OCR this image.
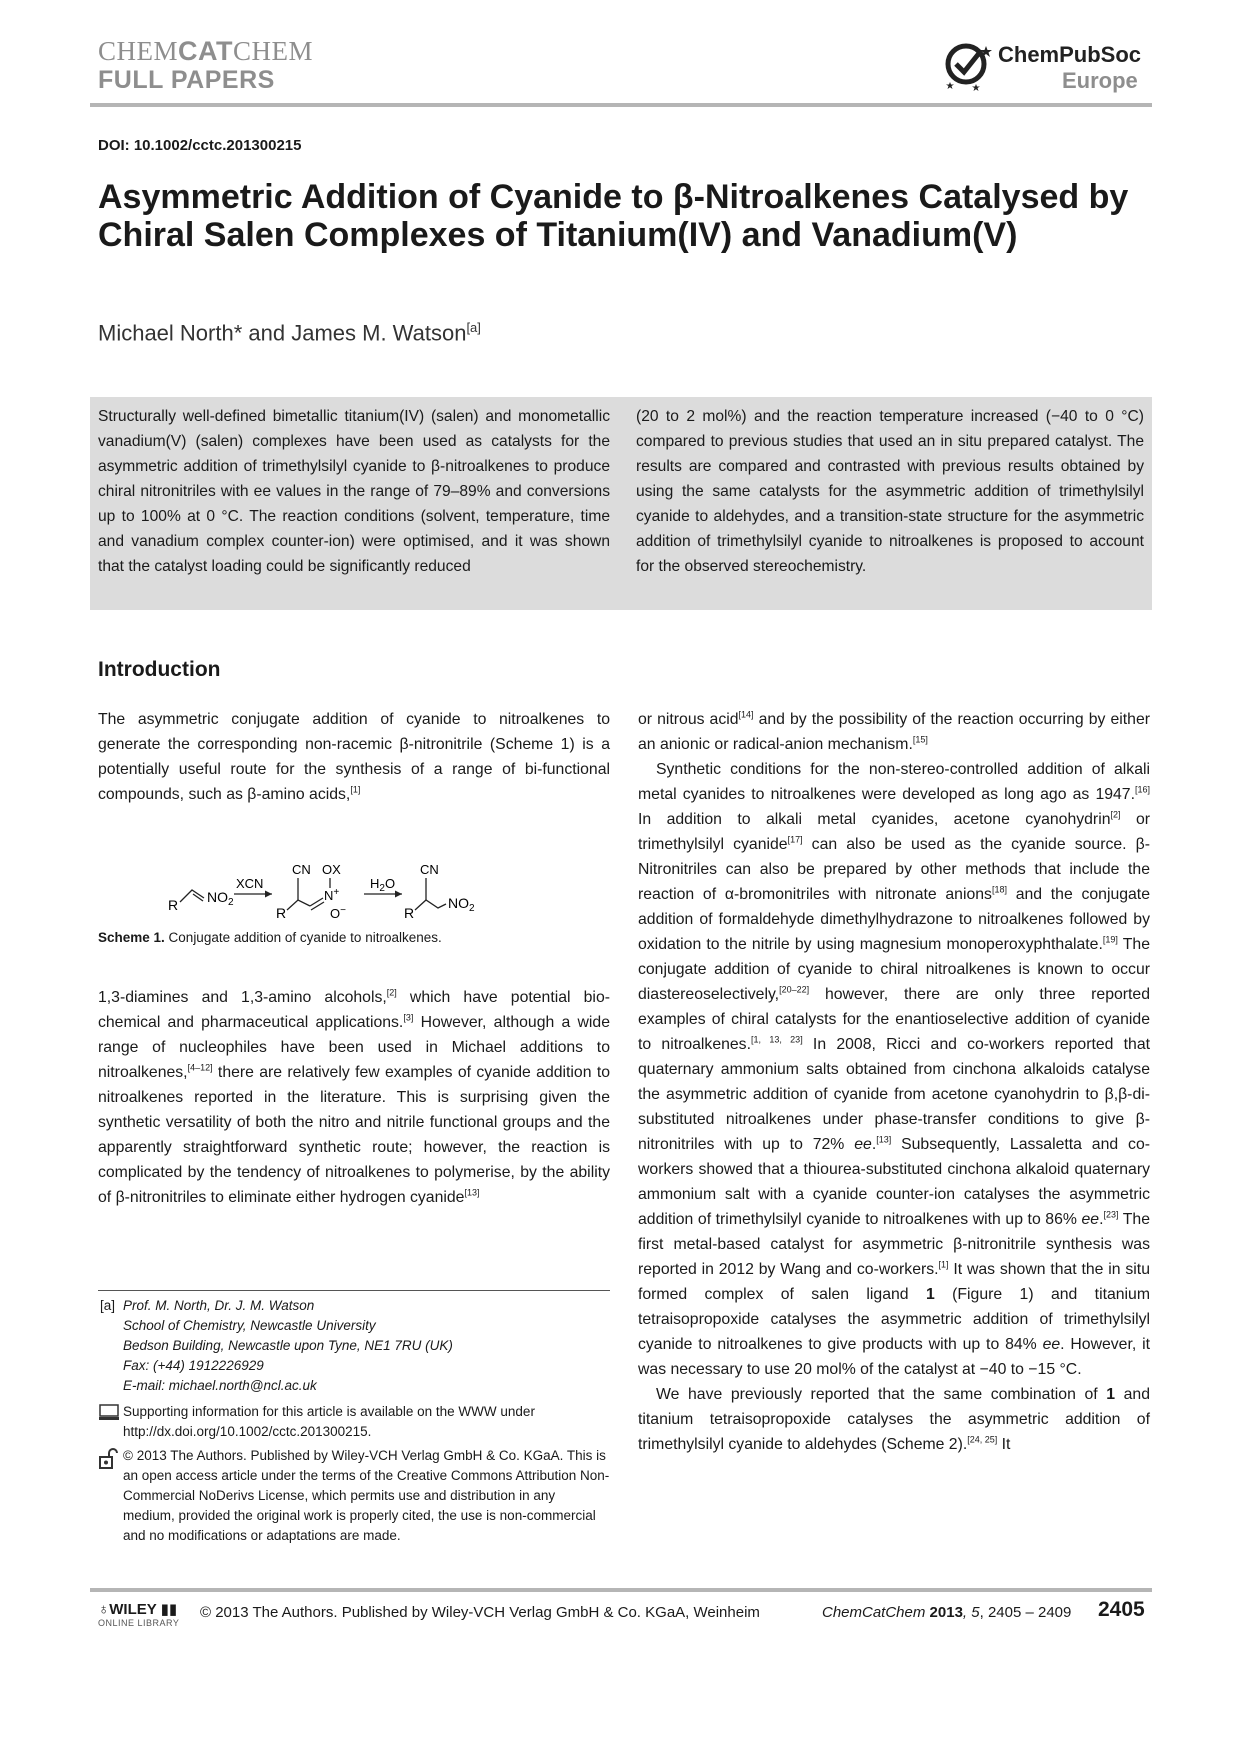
CHEMCATCHEM
FULL PAPERS
ChemPubSoc
Europe
DOI: 10.1002/cctc.201300215
Asymmetric Addition of Cyanide to β-Nitroalkenes Catalysed by Chiral Salen Complexes of Titanium(IV) and Vanadium(V)
Michael North* and James M. Watson[a]
Structurally well-defined bimetallic titanium(IV) (salen) and monometallic vanadium(V) (salen) complexes have been used as catalysts for the asymmetric addition of trimethylsilyl cyanide to β-nitroalkenes to produce chiral nitronitriles with ee values in the range of 79–89% and conversions up to 100% at 0 °C. The reaction conditions (solvent, temperature, time and vanadium complex counter-ion) were optimised, and it was shown that the catalyst loading could be significantly reduced
(20 to 2 mol%) and the reaction temperature increased (−40 to 0 °C) compared to previous studies that used an in situ prepared catalyst. The results are compared and contrasted with previous results obtained by using the same catalysts for the asymmetric addition of trimethylsilyl cyanide to aldehydes, and a transition-state structure for the asymmetric addition of trimethylsilyl cyanide to nitroalkenes is proposed to account for the observed stereochemistry.
Introduction

The asymmetric conjugate addition of cyanide to nitroalkenes to generate the corresponding non-racemic β-nitronitrile (Scheme 1) is a potentially useful route for the synthesis of a range of bi-functional compounds, such as β-amino acids,[1]

R $NO_2$
XCN
CN OX
R
N+
O−
$H_2O$
CN
R
$NO_2$
Scheme 1. Conjugate addition of cyanide to nitroalkenes.

1,3-diamines and 1,3-amino alcohols,[2] which have potential bio-chemical and pharmaceutical applications.[3] However, although a wide range of nucleophiles have been used in Michael additions to nitroalkenes,[4–12] there are relatively few examples of cyanide addition to nitroalkenes reported in the literature. This is surprising given the synthetic versatility of both the nitro and nitrile functional groups and the apparently straightforward synthetic route; however, the reaction is complicated by the tendency of nitroalkenes to polymerise, by the ability of β-nitronitriles to eliminate either hydrogen cyanide[13]

or nitrous acid[14] and by the possibility of the reaction occurring by either an anionic or radical-anion mechanism.[15]

Synthetic conditions for the non-stereo-controlled addition of alkali metal cyanides to nitroalkenes were developed as long ago as 1947.[16] In addition to alkali metal cyanides, acetone cyanohydrin[2] or trimethylsilyl cyanide[17] can also be used as the cyanide source. β-Nitronitriles can also be prepared by other methods that include the reaction of α-bromonitriles with nitronate anions[18] and the conjugate addition of formaldehyde dimethylhydrazone to nitroalkenes followed by oxidation to the nitrile by using magnesium monoperoxyphthalate.[19] The conjugate addition of cyanide to chiral nitroalkenes is known to occur diastereoselectively,[20–22] however, there are only three reported examples of chiral catalysts for the enantioselective addition of cyanide to nitroalkenes.[1, 13, 23] In 2008, Ricci and co-workers reported that quaternary ammonium salts obtained from cinchona alkaloids catalyse the asymmetric addition of cyanide from acetone cyanohydrin to β,β-di-substituted nitroalkenes under phase-transfer conditions to give β-nitronitriles with up to 72% ee.[13] Subsequently, Lassaletta and co-workers showed that a thiourea-substituted cinchona alkaloid quaternary ammonium salt with a cyanide counter-ion catalyses the asymmetric addition of trimethylsilyl cyanide to nitroalkenes with up to 86% ee.[23] The first metal-based catalyst for asymmetric β-nitronitrile synthesis was reported in 2012 by Wang and co-workers.[1] It was shown that the in situ formed complex of salen ligand 1 (Figure 1) and titanium tetraisopropoxide catalyses the asymmetric addition of trimethylsilyl cyanide to nitroalkenes to give products with up to 84% ee. However, it was necessary to use 20 mol% of the catalyst at −40 to −15 °C.

We have previously reported that the same combination of 1 and titanium tetraisopropoxide catalyses the asymmetric addition of trimethylsilyl cyanide to aldehydes (Scheme 2).[24, 25] It

[a] Prof. M. North, Dr. J. M. Watson
School of Chemistry, Newcastle University
Bedson Building, Newcastle upon Tyne, NE1 7RU (UK)
Fax: (+44) 1912226929
E-mail: michael.north@ncl.ac.uk
Supporting information for this article is available on the WWW under
http://dx.doi.org/10.1002/cctc.201300215.
© 2013 The Authors. Published by Wiley-VCH Verlag GmbH & Co. KGaA. This is an open access article under the terms of the Creative Commons Attribution Non-Commercial NoDerivs License, which permits use and distribution in any medium, provided the original work is properly cited, the use is non-commercial and no modifications or adaptations are made.
♁WILEY ▮▮
ONLINE LIBRARY
© 2013 The Authors. Published by Wiley-VCH Verlag GmbH & Co. KGaA, Weinheim	ChemCatChem 2013, 5, 2405 – 2409 2405
